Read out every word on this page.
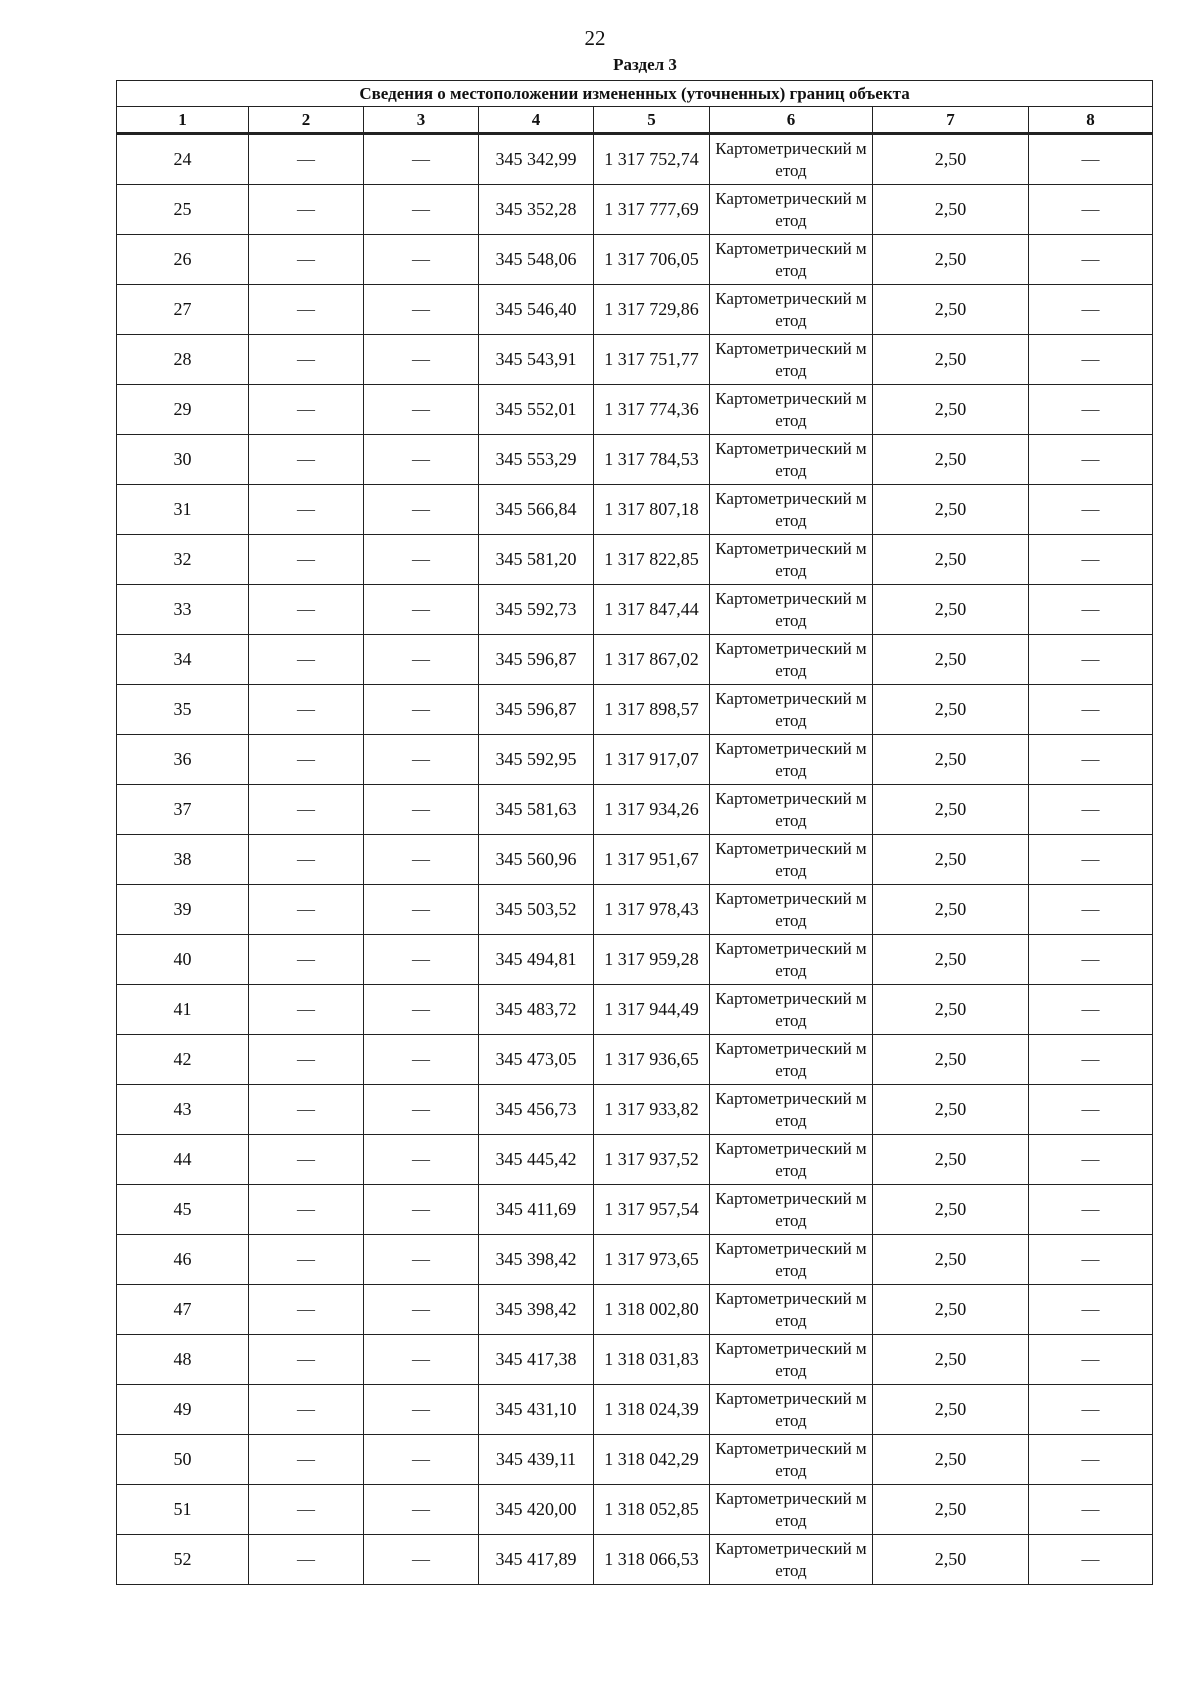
22
Раздел 3
Сведения о местоположении измененных (уточненных) границ объекта							
1	2	3	4	5	6	7	8
24	—	—	345 342,99	1 317 752,74	Картометрический метод	2,50	—
25	—	—	345 352,28	1 317 777,69	Картометрический метод	2,50	—
26	—	—	345 548,06	1 317 706,05	Картометрический метод	2,50	—
27	—	—	345 546,40	1 317 729,86	Картометрический метод	2,50	—
28	—	—	345 543,91	1 317 751,77	Картометрический метод	2,50	—
29	—	—	345 552,01	1 317 774,36	Картометрический метод	2,50	—
30	—	—	345 553,29	1 317 784,53	Картометрический метод	2,50	—
31	—	—	345 566,84	1 317 807,18	Картометрический метод	2,50	—
32	—	—	345 581,20	1 317 822,85	Картометрический метод	2,50	—
33	—	—	345 592,73	1 317 847,44	Картометрический метод	2,50	—
34	—	—	345 596,87	1 317 867,02	Картометрический метод	2,50	—
35	—	—	345 596,87	1 317 898,57	Картометрический метод	2,50	—
36	—	—	345 592,95	1 317 917,07	Картометрический метод	2,50	—
37	—	—	345 581,63	1 317 934,26	Картометрический метод	2,50	—
38	—	—	345 560,96	1 317 951,67	Картометрический метод	2,50	—
39	—	—	345 503,52	1 317 978,43	Картометрический метод	2,50	—
40	—	—	345 494,81	1 317 959,28	Картометрический метод	2,50	—
41	—	—	345 483,72	1 317 944,49	Картометрический метод	2,50	—
42	—	—	345 473,05	1 317 936,65	Картометрический метод	2,50	—
43	—	—	345 456,73	1 317 933,82	Картометрический метод	2,50	—
44	—	—	345 445,42	1 317 937,52	Картометрический метод	2,50	—
45	—	—	345 411,69	1 317 957,54	Картометрический метод	2,50	—
46	—	—	345 398,42	1 317 973,65	Картометрический метод	2,50	—
47	—	—	345 398,42	1 318 002,80	Картометрический метод	2,50	—
48	—	—	345 417,38	1 318 031,83	Картометрический метод	2,50	—
49	—	—	345 431,10	1 318 024,39	Картометрический метод	2,50	—
50	—	—	345 439,11	1 318 042,29	Картометрический метод	2,50	—
51	—	—	345 420,00	1 318 052,85	Картометрический метод	2,50	—
52	—	—	345 417,89	1 318 066,53	Картометрический метод	2,50	—
